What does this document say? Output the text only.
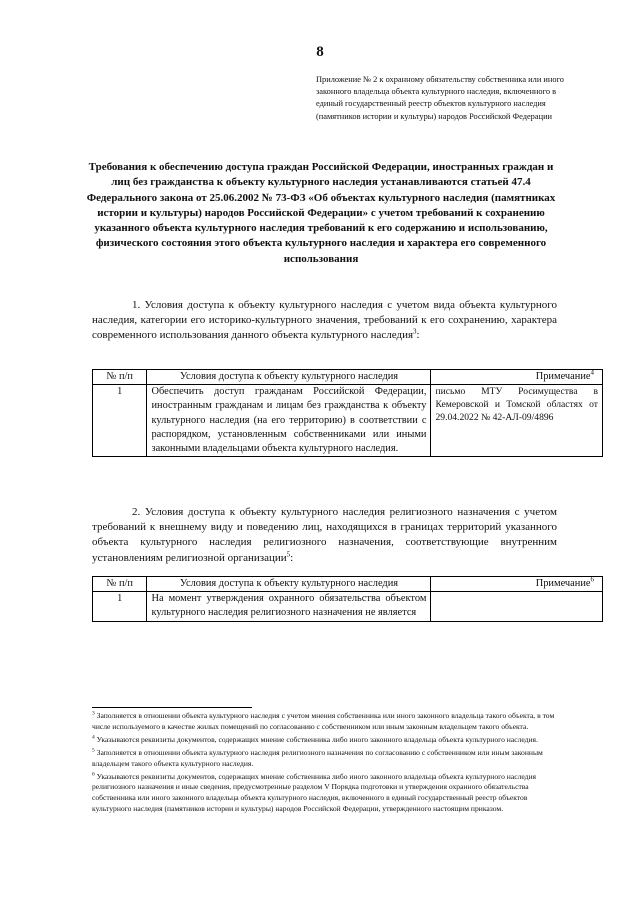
8
Приложение № 2 к охранному обязательству собственника или иного законного владельца объекта культурного наследия, включенного в единый государственный реестр объектов культурного наследия (памятников истории и культуры) народов Российской Федерации
Требования к обеспечению доступа граждан Российской Федерации, иностранных граждан и лиц без гражданства к объекту культурного наследия устанавливаются статьей 47.4 Федерального закона от 25.06.2002 № 73-ФЗ «Об объектах культурного наследия (памятниках истории и культуры) народов Российской Федерации» с учетом требований к сохранению указанного объекта культурного наследия требований к его содержанию и использованию, физического состояния этого объекта культурного наследия и характера его современного использования
1. Условия доступа к объекту культурного наследия с учетом вида объекта культурного наследия, категории его историко-культурного значения, требований к его сохранению, характера современного использования данного объекта культурного наследия$^3$:
№ п/п	Условия доступа к объекту культурного наследия	Примечание$^4$
1	Обеспечить доступ гражданам Российской Федерации, иностранным гражданам и лицам без гражданства к объекту культурного наследия (на его территорию) в соответствии с распорядком, установленным собственниками или иными законными владельцами объекта культурного наследия.	письмо МТУ Росимущества в Кемеровской и Томской областях от 29.04.2022 № 42-АЛ-09/4896
2. Условия доступа к объекту культурного наследия религиозного назначения с учетом требований к внешнему виду и поведению лиц, находящихся в границах территорий указанного объекта культурного наследия религиозного назначения, соответствующие внутренним установлениям религиозной организации$^5$:
№ п/п	Условия доступа к объекту культурного наследия	Примечание$^6$
1	На момент утверждения охранного обязательства объектом культурного наследия религиозного назначения не является	
$^3$ Заполняется в отношении объекта культурного наследия с учетом мнения собственника или иного законного владельца такого объекта, в том числе используемого в качестве жилых помещений по согласованию с собственником или иным законным владельцем такого объекта.
$^4$ Указываются реквизиты документов, содержащих мнение собственника либо иного законного владельца объекта культурного наследия.
$^5$ Заполняется в отношении объекта культурного наследия религиозного назначения по согласованию с собственником или иным законным владельцем такого объекта культурного наследия.
$^6$ Указываются реквизиты документов, содержащих мнение собственника либо иного законного владельца объекта культурного наследия религиозного назначения и иные сведения, предусмотренные разделом V Порядка подготовки и утверждения охранного обязательства собственника или иного законного владельца объекта культурного наследия, включенного в единый государственный реестр объектов культурного наследия (памятников истории и культуры) народов Российской Федерации, утвержденного настоящим приказом.
